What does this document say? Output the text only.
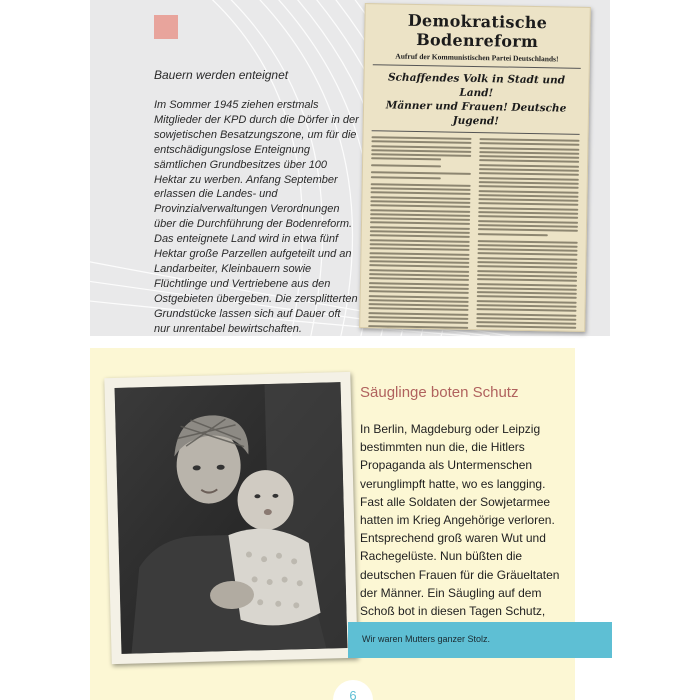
Bauern werden enteignet
Im Sommer 1945 ziehen erstmals Mitglieder der KPD durch die Dörfer in der sowjetischen Besatzungszone, um für die entschädigungslose Enteignung sämtlichen Grundbesitzes über 100 Hektar zu werben. Anfang September erlassen die Landes- und Provinzialverwaltungen Verordnungen über die Durchführung der Bodenreform. Das enteignete Land wird in etwa fünf Hektar große Parzellen aufgeteilt und an Landarbeiter, Kleinbauern sowie Flüchtlinge und Vertriebene aus den Ostgebieten übergeben. Die zersplitterten Grundstücke lassen sich auf Dauer oft nur unrentabel bewirtschaften.
Demokratische Bodenreform
Aufruf der Kommunistischen Partei Deutschlands!
Schaffendes Volk in Stadt und Land!
Männer und Frauen! Deutsche Jugend!
Säuglinge boten Schutz
In Berlin, Magdeburg oder Leipzig bestimmten nun die, die Hitlers Propaganda als Untermenschen verunglimpft hatte, wo es langging. Fast alle Soldaten der Sowjetarmee hatten im Krieg Angehörige verloren. Entsprechend groß waren Wut und Rachegelüste. Nun büßten die deutschen Frauen für die Gräueltaten der Männer. Ein Säugling auf dem Schoß bot in diesen Tagen Schutz,
Wir waren Mutters ganzer Stolz.
6
